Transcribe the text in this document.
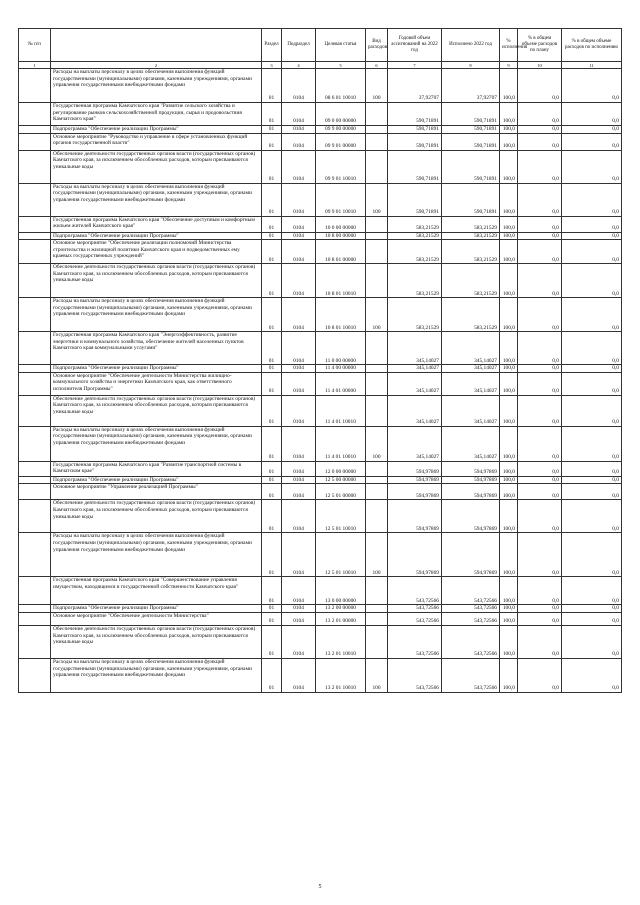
№ п/п		Раздел	Подраздел	Целевая статья	Вид расходов	Годовой объем ассигнований на 2022 год	Исполнено 2022 год	% исполнения	% в общем объеме расходов по плану	% в общем объеме расходов по исполнению
1	2	3	4	5	6	7	8	9	10	11
	Расходы на выплаты персоналу в целях обеспечения выполнения функций государственными (муниципальными) органами, казенными учреждениями, органами управления государственными внебюджетными фондами	01	0104	08 6 01 10010	100	37,92707	37,92707	100,0	0,0	0,0
	Государственная программа Камчатского края "Развитие сельского хозяйства и регулирование рынков сельскохозяйственной продукции, сырья и продовольствия Камчатского края"	01	0104	09 0 00 00000		590,71891	590,71891	100,0	0,0	0,0
	Подпрограмма "Обеспечение реализации Программы"	01	0104	09 9 00 00000		590,71891	590,71891	100,0	0,0	0,0
	Основное мероприятие "Руководство и управление в сфере установленных функций органов государственной власти"	01	0104	09 9 01 00000		590,71891	590,71891	100,0	0,0	0,0
	Обеспечение деятельности государственных органов власти (государственных органов) Камчатского края, за исключением обособленных расходов, которым присваиваются уникальные коды	01	0104	09 9 01 10010		590,71891	590,71891	100,0	0,0	0,0
	Расходы на выплаты персоналу в целях обеспечения выполнения функций государственными (муниципальными) органами, казенными учреждениями, органами управления государственными внебюджетными фондами	01	0104	09 9 01 10010	100	590,71891	590,71891	100,0	0,0	0,0
	Государственная программа Камчатского края "Обеспечение доступным и комфортным жильем жителей Камчатского края"	01	0104	10 0 00 00000		583,21529	583,21529	100,0	0,0	0,0
	Подпрограмма "Обеспечение реализации Программы"	01	0104	10 8 00 00000		583,21529	583,21529	100,0	0,0	0,0
	Основное мероприятие "Обеспечение реализации полномочий Министерства строительства и жилищной политики Камчатского края и подведомственных ему краевых государственных учреждений"	01	0104	10 8 01 00000		583,21529	583,21529	100,0	0,0	0,0
	Обеспечение деятельности государственных органов власти (государственных органов) Камчатского края, за исключением обособленных расходов, которым присваиваются уникальные коды	01	0104	10 8 01 10010		583,21529	583,21529	100,0	0,0	0,0
	Расходы на выплаты персоналу в целях обеспечения выполнения функций государственными (муниципальными) органами, казенными учреждениями, органами управления государственными внебюджетными фондами	01	0104	10 8 01 10010	100	583,21529	583,21529	100,0	0,0	0,0
	Государственная программа Камчатского края "Энергоэффективность, развитие энергетики и коммунального хозяйства, обеспечение жителей населенных пунктов Камчатского края коммунальными услугами"	01	0104	11 0 00 00000		345,14027	345,14027	100,0	0,0	0,0
	Подпрограмма "Обеспечение реализации Программы"	01	0104	11 4 00 00000		345,14027	345,14027	100,0	0,0	0,0
	Основное мероприятие "Обеспечение деятельности Министерства жилищно-коммунального хозяйства и энергетики Камчатского края, как ответственного исполнителя Программы"	01	0104	11 4 01 00000		345,14027	345,14027	100,0	0,0	0,0
	Обеспечение деятельности государственных органов власти (государственных органов) Камчатского края, за исключением обособленных расходов, которым присваиваются уникальные коды	01	0104	11 4 01 10010		345,14027	345,14027	100,0	0,0	0,0
	Расходы на выплаты персоналу в целях обеспечения выполнения функций государственными (муниципальными) органами, казенными учреждениями, органами управления государственными внебюджетными фондами	01	0104	11 4 01 10010	100	345,14027	345,14027	100,0	0,0	0,0
	Государственная программа Камчатского края "Развитие транспортной системы в Камчатском крае"	01	0104	12 0 00 00000		594,97869	594,97869	100,0	0,0	0,0
	Подпрограмма "Обеспечение реализации Программы"	01	0104	12 5 00 00000		594,97869	594,97869	100,0	0,0	0,0
	Основное мероприятие "Управление реализацией Программы"	01	0104	12 5 01 00000		594,97869	594,97869	100,0	0,0	0,0
	Обеспечение деятельности государственных органов власти (государственных органов) Камчатского края, за исключением обособленных расходов, которым присваиваются уникальные коды	01	0104	12 5 01 10010		594,97869	594,97869	100,0	0,0	0,0
	Расходы на выплаты персоналу в целях обеспечения выполнения функций государственными (муниципальными) органами, казенными учреждениями, органами управления государственными внебюджетными фондами	01	0104	12 5 01 10010	100	594,97869	594,97869	100,0	0,0	0,0
	Государственная программа Камчатского края "Совершенствование управления имуществом, находящимся в государственной собственности Камчатского края"	01	0104	13 0 00 00000		543,72566	543,72566	100,0	0,0	0,0
	Подпрограмма "Обеспечение реализации Программы"	01	0104	13 2 00 00000		543,72566	543,72566	100,0	0,0	0,0
	Основное мероприятие "Обеспечение деятельности Министерства"	01	0104	13 2 01 00000		543,72566	543,72566	100,0	0,0	0,0
	Обеспечение деятельности государственных органов власти (государственных органов) Камчатского края, за исключением обособленных расходов, которым присваиваются уникальные коды	01	0104	13 2 01 10010		543,72566	543,72566	100,0	0,0	0,0
	Расходы на выплаты персоналу в целях обеспечения выполнения функций государственными (муниципальными) органами, казенными учреждениями, органами управления государственными внебюджетными фондами	01	0104	13 2 01 10010	100	543,72566	543,72566	100,0	0,0	0,0
5
